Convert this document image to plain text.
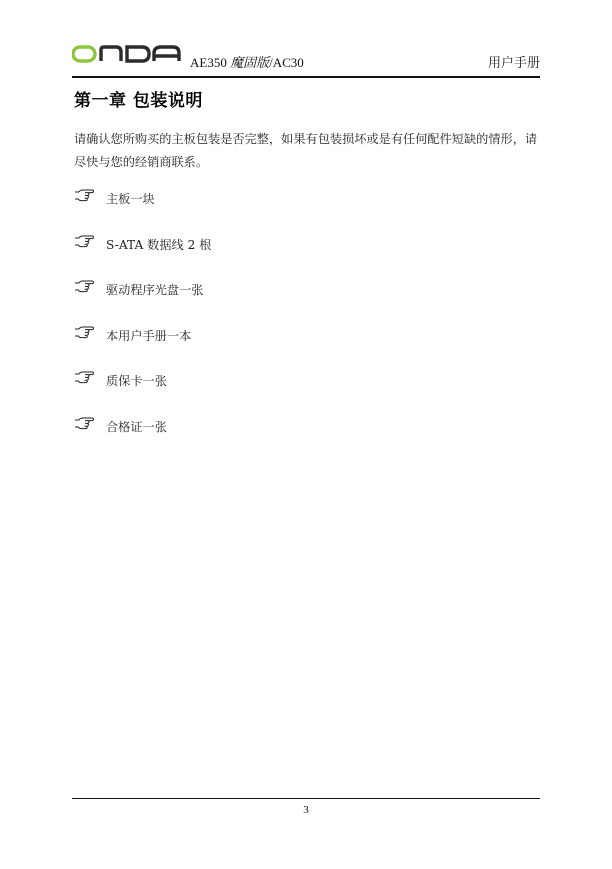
AE350 魔固版/AC30	用户手册
第一章 包装说明
请确认您所购买的主板包装是否完整，如果有包装损坏或是有任何配件短缺的情形，请尽快与您的经销商联系。
主板一块
S-ATA 数据线 2 根
驱动程序光盘一张
本用户手册一本
质保卡一张
合格证一张
3
